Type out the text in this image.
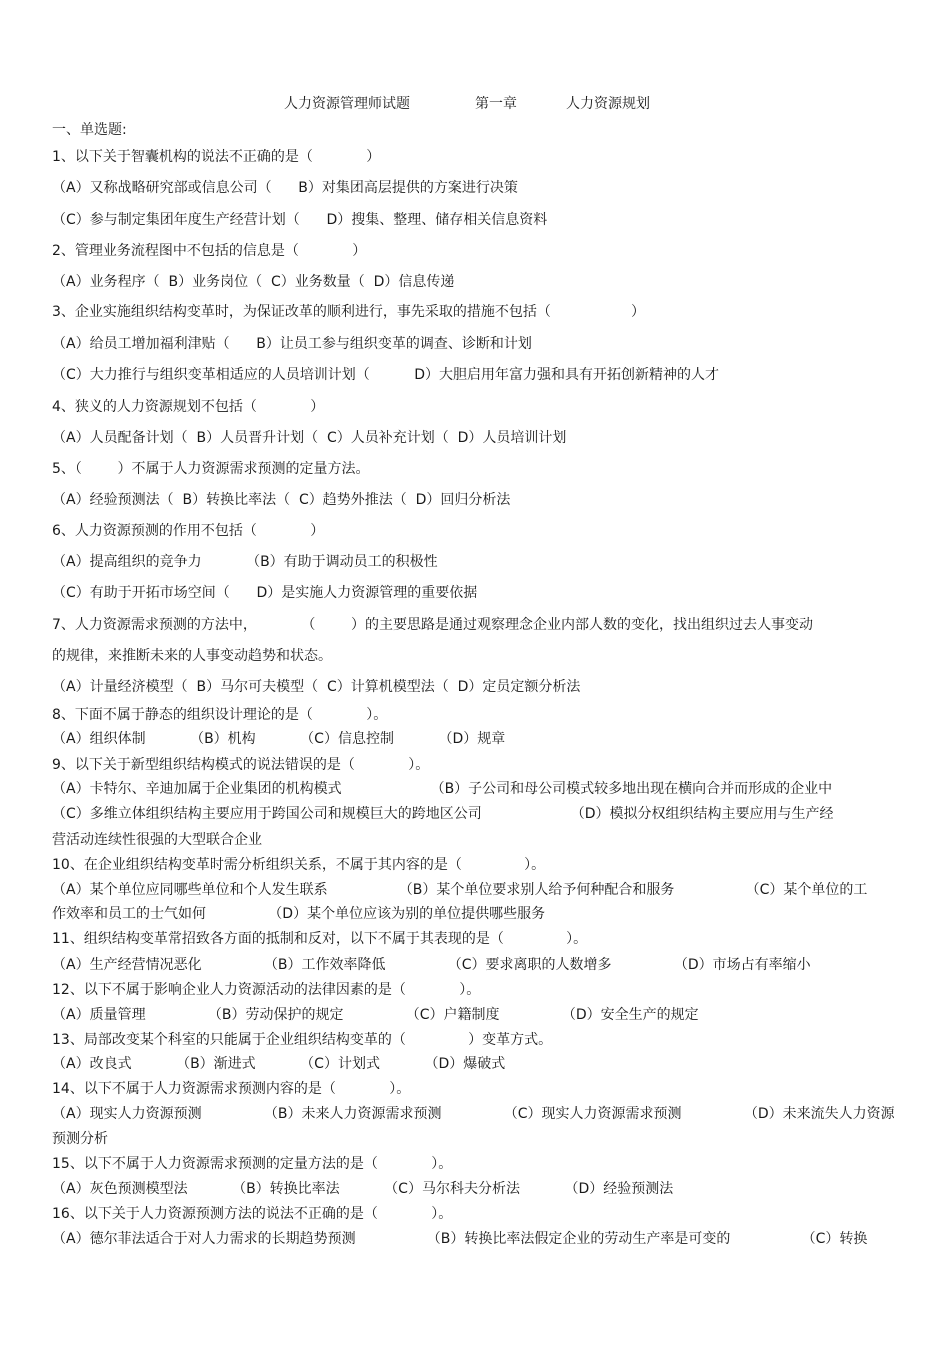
人力资源管理师试题	第一章	人力资源规划
一、单选题:
1、以下关于智囊机构的说法不正确的是（            ）
（A）又称战略研究部或信息公司（      B）对集团高层提供的方案进行决策
（C）参与制定集团年度生产经营计划（      D）搜集、整理、储存相关信息资料
2、管理业务流程图中不包括的信息是（            ）
（A）业务程序（  B）业务岗位（  C）业务数量（  D）信息传递
3、企业实施组织结构变革时，为保证改革的顺利进行，事先采取的措施不包括（                  ）
（A）给员工增加福利津贴（      B）让员工参与组织变革的调查、诊断和计划
（C）大力推行与组织变革相适应的人员培训计划（          D）大胆启用年富力强和具有开拓创新精神的人才
4、狭义的人力资源规划不包括（            ）
（A）人员配备计划（  B）人员晋升计划（  C）人员补充计划（  D）人员培训计划
5、（        ）不属于人力资源需求预测的定量方法。
（A）经验预测法（  B）转换比率法（  C）趋势外推法（  D）回归分析法
6、人力资源预测的作用不包括（            ）
（A）提高组织的竞争力          （B）有助于调动员工的积极性
（C）有助于开拓市场空间（      D）是实施人力资源管理的重要依据
7、人力资源需求预测的方法中，          （        ）的主要思路是通过观察理念企业内部人数的变化，找出组织过去人事变动
的规律，来推断未来的人事变动趋势和状态。
（A）计量经济模型（  B）马尔可夫模型（  C）计算机模型法（  D）定员定额分析法
8、下面不属于静态的组织设计理论的是（            ）。
（A）组织体制          （B）机构          （C）信息控制          （D）规章
9、以下关于新型组织结构模式的说法错误的是（            ）。
（A）卡特尔、辛迪加属于企业集团的机构模式                    （B）子公司和母公司模式较多地出现在横向合并而形成的企业中
（C）多维立体组织结构主要应用于跨国公司和规模巨大的跨地区公司                    （D）模拟分权组织结构主要应用与生产经
营活动连续性很强的大型联合企业
10、在企业组织结构变革时需分析组织关系，不属于其内容的是（              ）。
（A）某个单位应同哪些单位和个人发生联系                （B）某个单位要求别人给予何种配合和服务                （C）某个单位的工
作效率和员工的士气如何              （D）某个单位应该为别的单位提供哪些服务
11、组织结构变革常招致各方面的抵制和反对，以下不属于其表现的是（              ）。
（A）生产经营情况恶化              （B）工作效率降低              （C）要求离职的人数增多              （D）市场占有率缩小
12、以下不属于影响企业人力资源活动的法律因素的是（            ）。
（A）质量管理              （B）劳动保护的规定              （C）户籍制度              （D）安全生产的规定
13、局部改变某个科室的只能属于企业组织结构变革的（              ）变革方式。
（A）改良式          （B）渐进式          （C）计划式          （D）爆破式
14、以下不属于人力资源需求预测内容的是（            ）。
（A）现实人力资源预测              （B）未来人力资源需求预测              （C）现实人力资源需求预测              （D）未来流失人力资源
预测分析
15、以下不属于人力资源需求预测的定量方法的是（            ）。
（A）灰色预测模型法          （B）转换比率法          （C）马尔科夫分析法          （D）经验预测法
16、以下关于人力资源预测方法的说法不正确的是（            ）。
（A）德尔菲法适合于对人力需求的长期趋势预测                （B）转换比率法假定企业的劳动生产率是可变的                （C）转换
